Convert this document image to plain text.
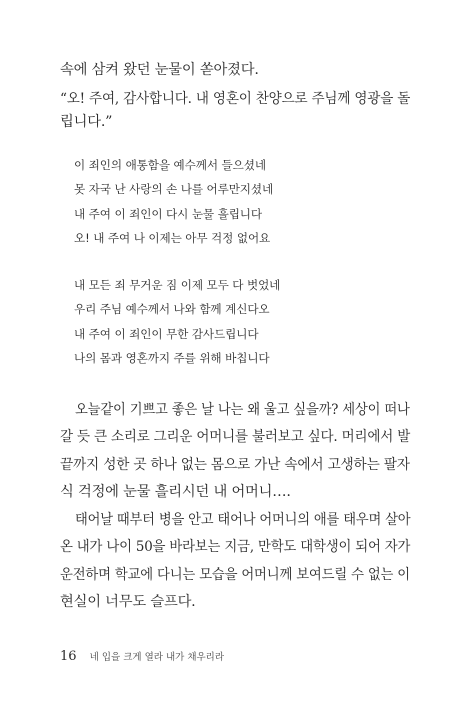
속에 삼켜 왔던 눈물이 쏟아졌다.
“오! 주여, 감사합니다. 내 영혼이 찬양으로 주님께 영광을 돌
립니다.”
이 죄인의 애통함을 예수께서 들으셨네
못 자국 난 사랑의 손 나를 어루만지셨네
내 주여 이 죄인이 다시 눈물 흘립니다
오! 내 주여 나 이제는 아무 걱정 없어요
내 모든 죄 무거운 짐 이제 모두 다 벗었네
우리 주님 예수께서 나와 함께 계신다오
내 주여 이 죄인이 무한 감사드립니다
나의 몸과 영혼까지 주를 위해 바칩니다
오늘같이 기쁘고 좋은 날 나는 왜 울고 싶을까? 세상이 떠나
갈 듯 큰 소리로 그리운 어머니를 불러보고 싶다. 머리에서 발
끝까지 성한 곳 하나 없는 몸으로 가난 속에서 고생하는 팔자
식 걱정에 눈물 흘리시던 내 어머니….
태어날 때부터 병을 안고 태어나 어머니의 애를 태우며 살아
온 내가 나이 50을 바라보는 지금, 만학도 대학생이 되어 자가
운전하며 학교에 다니는 모습을 어머니께 보여드릴 수 없는 이
현실이 너무도 슬프다.
16 네 입을 크게 열라 내가 채우리라
